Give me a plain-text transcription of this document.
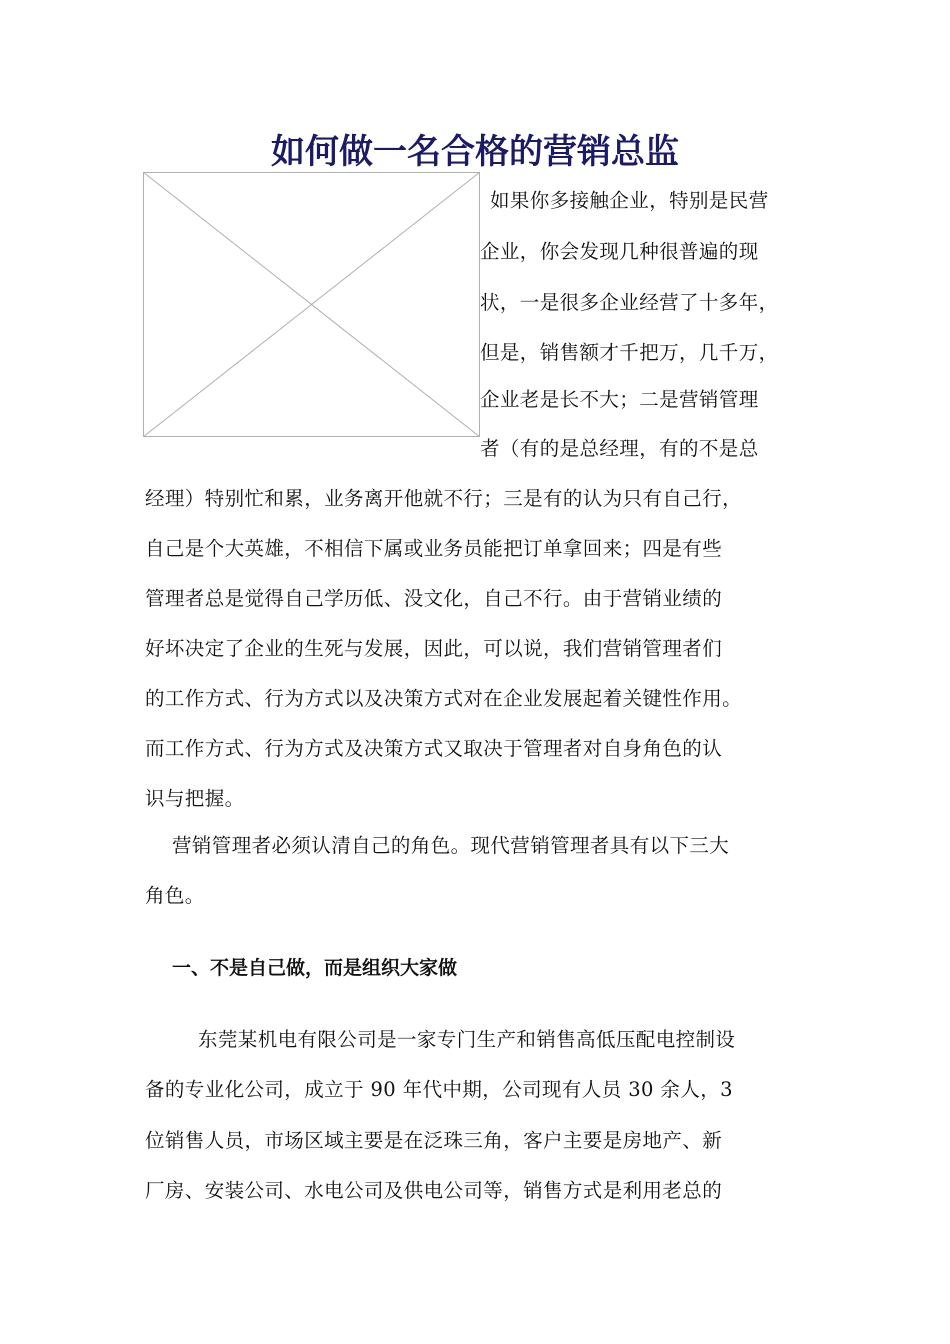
如何做一名合格的营销总监
如果你多接触企业，特别是民营
企业，你会发现几种很普遍的现
状，一是很多企业经营了十多年，
但是，销售额才千把万，几千万，
企业老是长不大；二是营销管理
者（有的是总经理，有的不是总
经理）特别忙和累，业务离开他就不行；三是有的认为只有自己行，
自己是个大英雄，不相信下属或业务员能把订单拿回来；四是有些
管理者总是觉得自己学历低、没文化，自己不行。由于营销业绩的
好坏决定了企业的生死与发展，因此，可以说，我们营销管理者们
的工作方式、行为方式以及决策方式对在企业发展起着关键性作用。
而工作方式、行为方式及决策方式又取决于管理者对自身角色的认
识与把握。
营销管理者必须认清自己的角色。现代营销管理者具有以下三大
角色。
一、不是自己做，而是组织大家做
东莞某机电有限公司是一家专门生产和销售高低压配电控制设
备的专业化公司，成立于 90 年代中期，公司现有人员 30 余人，3
位销售人员，市场区域主要是在泛珠三角，客户主要是房地产、新
厂房、安装公司、水电公司及供电公司等，销售方式是利用老总的
